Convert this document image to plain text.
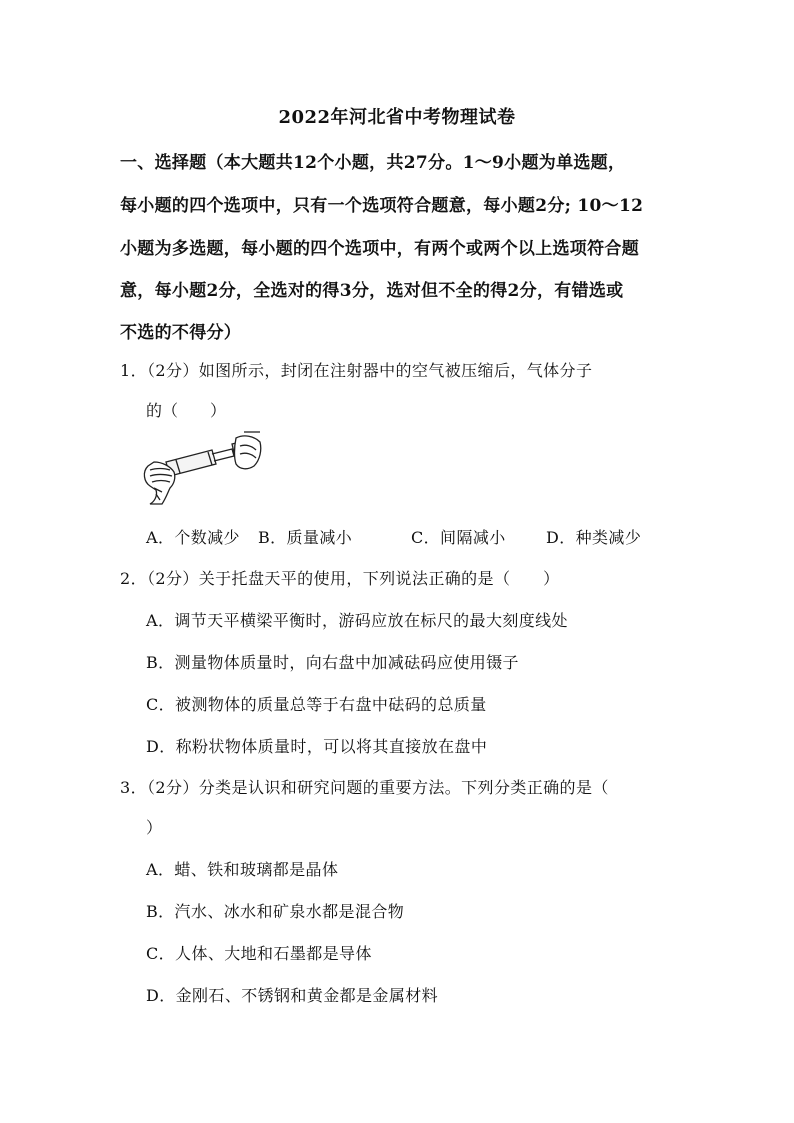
2022年河北省中考物理试卷
一、选择题（本大题共12个小题，共27分。1～9小题为单选题，
每小题的四个选项中，只有一个选项符合题意，每小题2分; 10～12
小题为多选题，每小题的四个选项中，有两个或两个以上选项符合题
意，每小题2分，全选对的得3分，选对但不全的得2分，有错选或
不选的不得分）
1．（2分）如图所示，封闭在注射器中的空气被压缩后，气体分子
的（　　）
A．个数减少 B．质量减小	C．间隔减小	D．种类减少
2．（2分）关于托盘天平的使用，下列说法正确的是（　　）
A．调节天平横梁平衡时，游码应放在标尺的最大刻度线处
B．测量物体质量时，向右盘中加减砝码应使用镊子
C．被测物体的质量总等于右盘中砝码的总质量
D．称粉状物体质量时，可以将其直接放在盘中
3．（2分）分类是认识和研究问题的重要方法。下列分类正确的是（
）
A．蜡、铁和玻璃都是晶体
B．汽水、冰水和矿泉水都是混合物
C．人体、大地和石墨都是导体
D．金刚石、不锈钢和黄金都是金属材料
